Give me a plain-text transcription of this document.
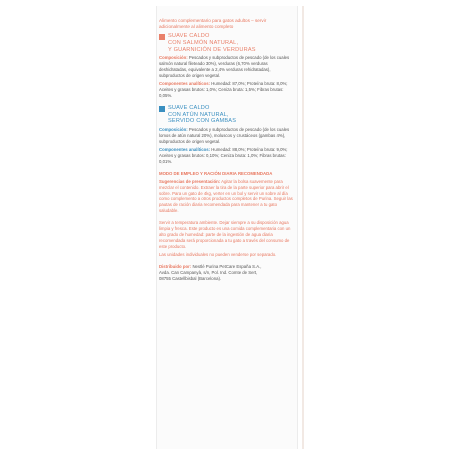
Alimento complementario para gatos adultos – servir adicionalmente al alimento completo
SUAVE CALDO
CON SALMÓN NATURAL,
Y GUARNICIÓN DE VERDURAS
Composición: Pescados y subproductos de pescado (de los cuales salmón natural fileteado 30%), verduras (6,70% verduras deshidratadas, equivalente a 2,4% verduras rehidratadas), subproductos de origen vegetal.
Componentes analíticos: Humedad: 87,0%; Proteína bruta: 8,0%; Aceites y grasas brutos: 1,0%; Ceniza bruta: 1,5%; Fibras brutas: 0,05%.
SUAVE CALDO
CON ATÚN NATURAL,
SERVIDO CON GAMBAS
Composición: Pescados y subproductos de pescado (de los cuales lomos de atún natural 20%), moluscos y crustáceos (gambas 4%), subproductos de origen vegetal.
Componentes analíticos: Humedad: 88,0%; Proteína bruta: 9,0%; Aceites y grasas brutos: 0,10%; Ceniza bruta: 1,0%; Fibras brutas: 0,01%.
MODO DE EMPLEO Y RACIÓN DIARIA RECOMENDADA
Sugerencias de presentación: Agitar la bolsa suavemente para mezclar el contenido. Extraer la tira de la parte superior para abrir el sobre. Para un gato de 4kg, verter en un bol y servir un sobre al día como complemento a otros productos completos de Purina. Seguir las pautas de ración diaria recomendada para mantener a tu gato saludable.
Servir a temperatura ambiente. Dejar siempre a su disposición agua limpia y fresca. Este producto es una comida complementaria con un alto grado de humedad: parte de la ingestión de agua diaria recomendada será proporcionada a tu gato a través del consumo de este producto.
Las unidades individuales no pueden venderse por separado.
Distribuido por: Nestlé Purina PetCare España S.A.,
Avda. Can Campanyà, s/n, Pol. Ind. Comte de Sert,
08755 Castellbisbal (Barcelona).
